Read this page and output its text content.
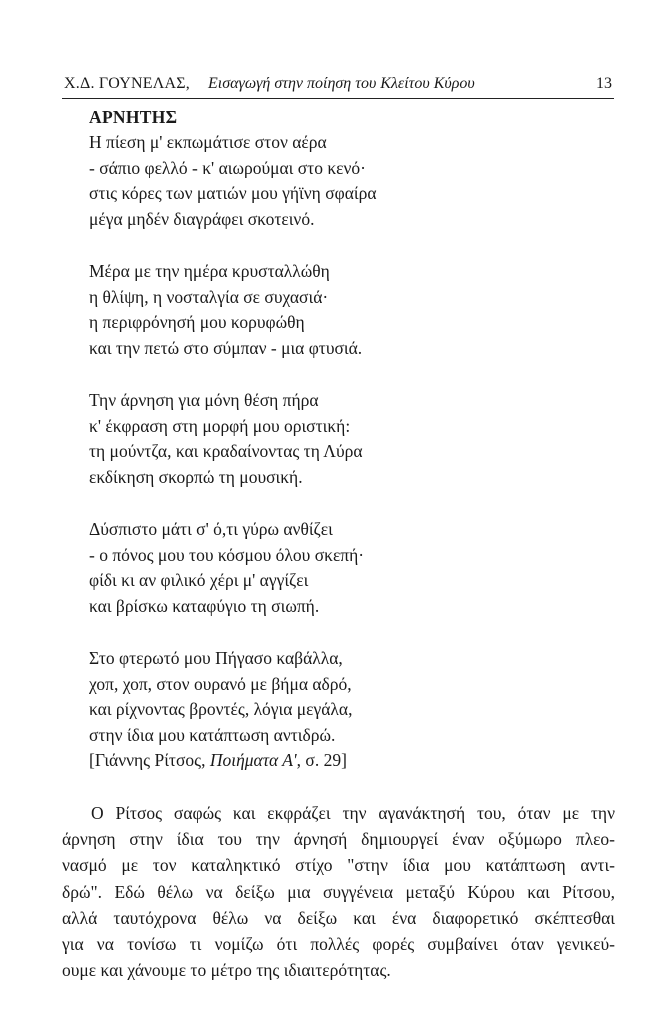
Χ.Δ. ΓΟΥΝΕΛΑΣ, Εισαγωγή στην ποίηση του Κλείτου Κύρου	13
ΑΡΝΗΤΗΣ
Η πίεση μ' εκπωμάτισε στον αέρα
- σάπιο φελλό - κ' αιωρούμαι στο κενό·
στις κόρες των ματιών μου γήϊνη σφαίρα
μέγα μηδέν διαγράφει σκοτεινό.
Μέρα με την ημέρα κρυσταλλώθη
η θλίψη, η νοσταλγία σε συχασιά·
η περιφρόνησή μου κορυφώθη
και την πετώ στο σύμπαν - μια φτυσιά.
Την άρνηση για μόνη θέση πήρα
κ' έκφραση στη μορφή μου οριστική:
τη μούντζα, και κραδαίνοντας τη Λύρα
εκδίκηση σκορπώ τη μουσική.
Δύσπιστο μάτι σ' ό,τι γύρω ανθίζει
- ο πόνος μου του κόσμου όλου σκεπή·
φίδι κι αν φιλικό χέρι μ' αγγίζει
και βρίσκω καταφύγιο τη σιωπή.
Στο φτερωτό μου Πήγασο καβάλλα,
χοπ, χοπ, στον ουρανό με βήμα αδρό,
και ρίχνοντας βροντές, λόγια μεγάλα,
στην ίδια μου κατάπτωση αντιδρώ.
[Γιάννης Ρίτσος, Ποιήματα Α', σ. 29]
Ο Ρίτσος σαφώς και εκφράζει την αγανάκτησή του, όταν με την
άρνηση στην ίδια του την άρνησή δημιουργεί έναν οξύμωρο πλεο-
νασμό με τον καταληκτικό στίχο "στην ίδια μου κατάπτωση αντι-
δρώ". Εδώ θέλω να δείξω μια συγγένεια μεταξύ Κύρου και Ρίτσου,
αλλά ταυτόχρονα θέλω να δείξω και ένα διαφορετικό σκέπτεσθαι
για να τονίσω τι νομίζω ότι πολλές φορές συμβαίνει όταν γενικεύ-
ουμε και χάνουμε το μέτρο της ιδιαιτερότητας.
